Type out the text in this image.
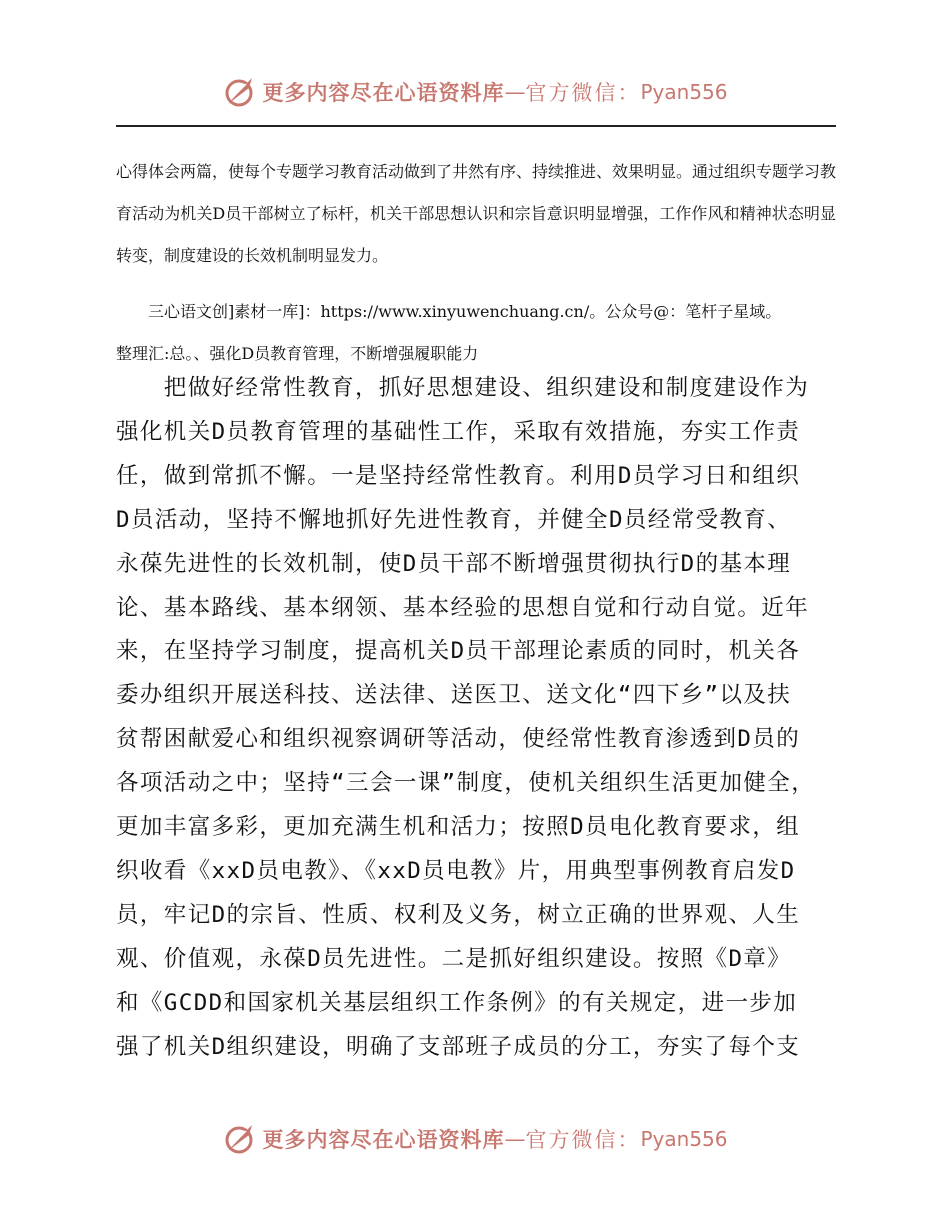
更多内容尽在心语资料库 — 官方微信： Pyan556

心得体会两篇，使每个专题学习教育活动做到了井然有序、持续推进、效果明显。通过组织专题学习教育活动为机关D员干部树立了标杆，机关干部思想认识和宗旨意识明显增强，工作作风和精神状态明显转变，制度建设的长效机制明显发力。

三心语文创]素材一库]：https://www.xinyuwenchuang.cn/。公众号@：笔杆子星域。

整理汇:总。、强化D员教育管理，不断增强履职能力

　　把做好经常性教育，抓好思想建设、组织建设和制度建设作为
强化机关D员教育管理的基础性工作，采取有效措施，夯实工作责
任，做到常抓不懈。一是坚持经常性教育。利用D员学习日和组织
D员活动，坚持不懈地抓好先进性教育，并健全D员经常受教育、
永葆先进性的长效机制，使D员干部不断增强贯彻执行D的基本理
论、基本路线、基本纲领、基本经验的思想自觉和行动自觉。近年
来，在坚持学习制度，提高机关D员干部理论素质的同时，机关各
委办组织开展送科技、送法律、送医卫、送文化“四下乡”以及扶
贫帮困献爱心和组织视察调研等活动，使经常性教育渗透到D员的
各项活动之中；坚持“三会一课”制度，使机关组织生活更加健全，
更加丰富多彩，更加充满生机和活力；按照D员电化教育要求，组
织收看《xxD员电教》、《xxD员电教》片，用典型事例教育启发D
员，牢记D的宗旨、性质、权利及义务，树立正确的世界观、人生
观、价值观，永葆D员先进性。二是抓好组织建设。按照《D章》
和《GCDD和国家机关基层组织工作条例》的有关规定，进一步加
强了机关D组织建设，明确了支部班子成员的分工，夯实了每个支
更多内容尽在心语资料库 — 官方微信： Pyan556
